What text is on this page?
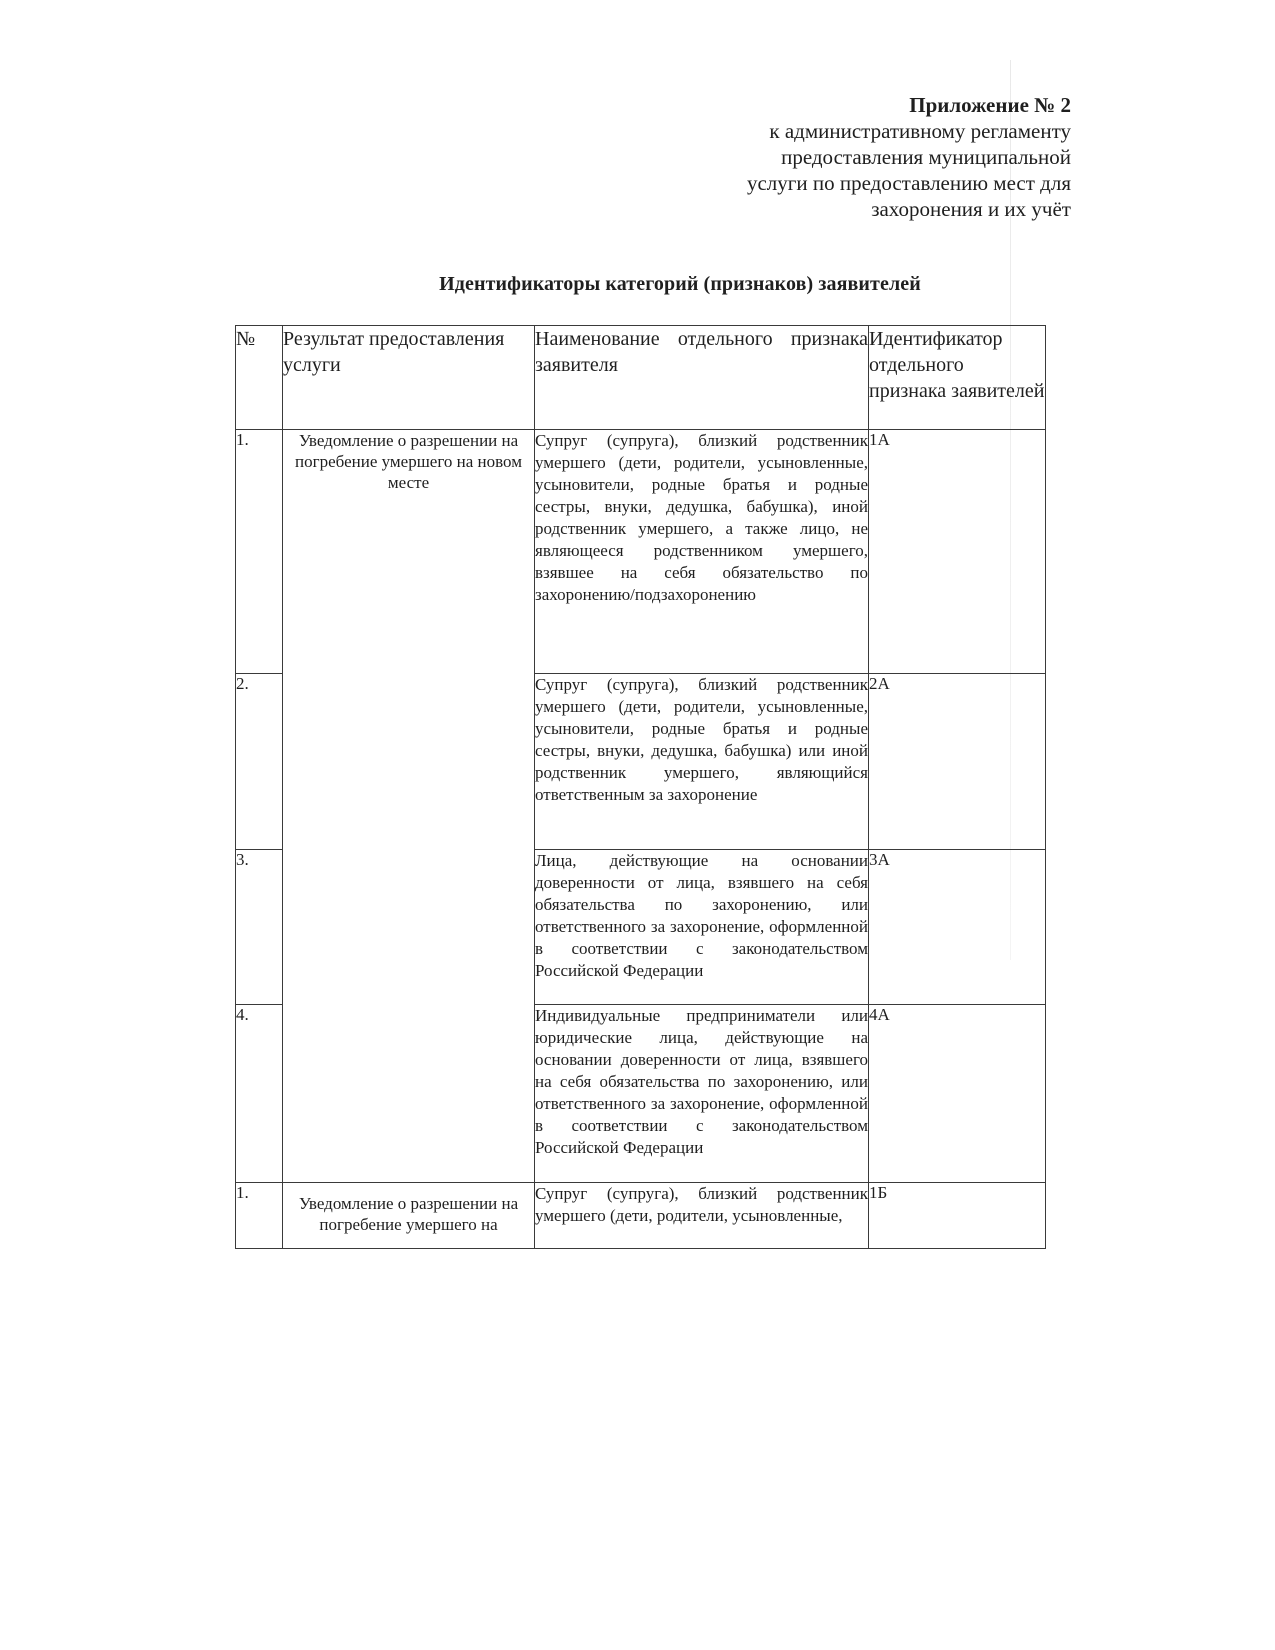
Приложение № 2
к административному регламенту
предоставления муниципальной
услуги по предоставлению мест для
захоронения и их учёт
Идентификаторы категорий (признаков) заявителей
№	Результат предоставления услуги	Наименование отдельного признака заявителя	Идентификатор отдельного признака заявителей
1.	Уведомление о разрешении на погребение умершего на новом месте	Супруг (супруга), близкий родственник умершего (дети, родители, усыновленные, усыновители, родные братья и родные сестры, внуки, дедушка, бабушка), иной родственник умершего, а также лицо, не являющееся родственником умершего, взявшее на себя обязательство по захоронению/подзахоронению	1А
2.		Супруг (супруга), близкий родственник умершего (дети, родители, усыновленные, усыновители, родные братья и родные сестры, внуки, дедушка, бабушка) или иной родственник умершего, являющийся ответственным за захоронение	2А
3.		Лица, действующие на основании доверенности от лица, взявшего на себя обязательства по захоронению, или ответственного за захоронение, оформленной в соответствии с законодательством Российской Федерации	3А
4.		Индивидуальные предприниматели или юридические лица, действующие на основании доверенности от лица, взявшего на себя обязательства по захоронению, или ответственного за захоронение, оформленной в соответствии с законодательством Российской Федерации	4А
1.	Уведомление о разрешении на погребение умершего на	Супруг (супруга), близкий родственник умершего (дети, родители, усыновленные,	1Б
